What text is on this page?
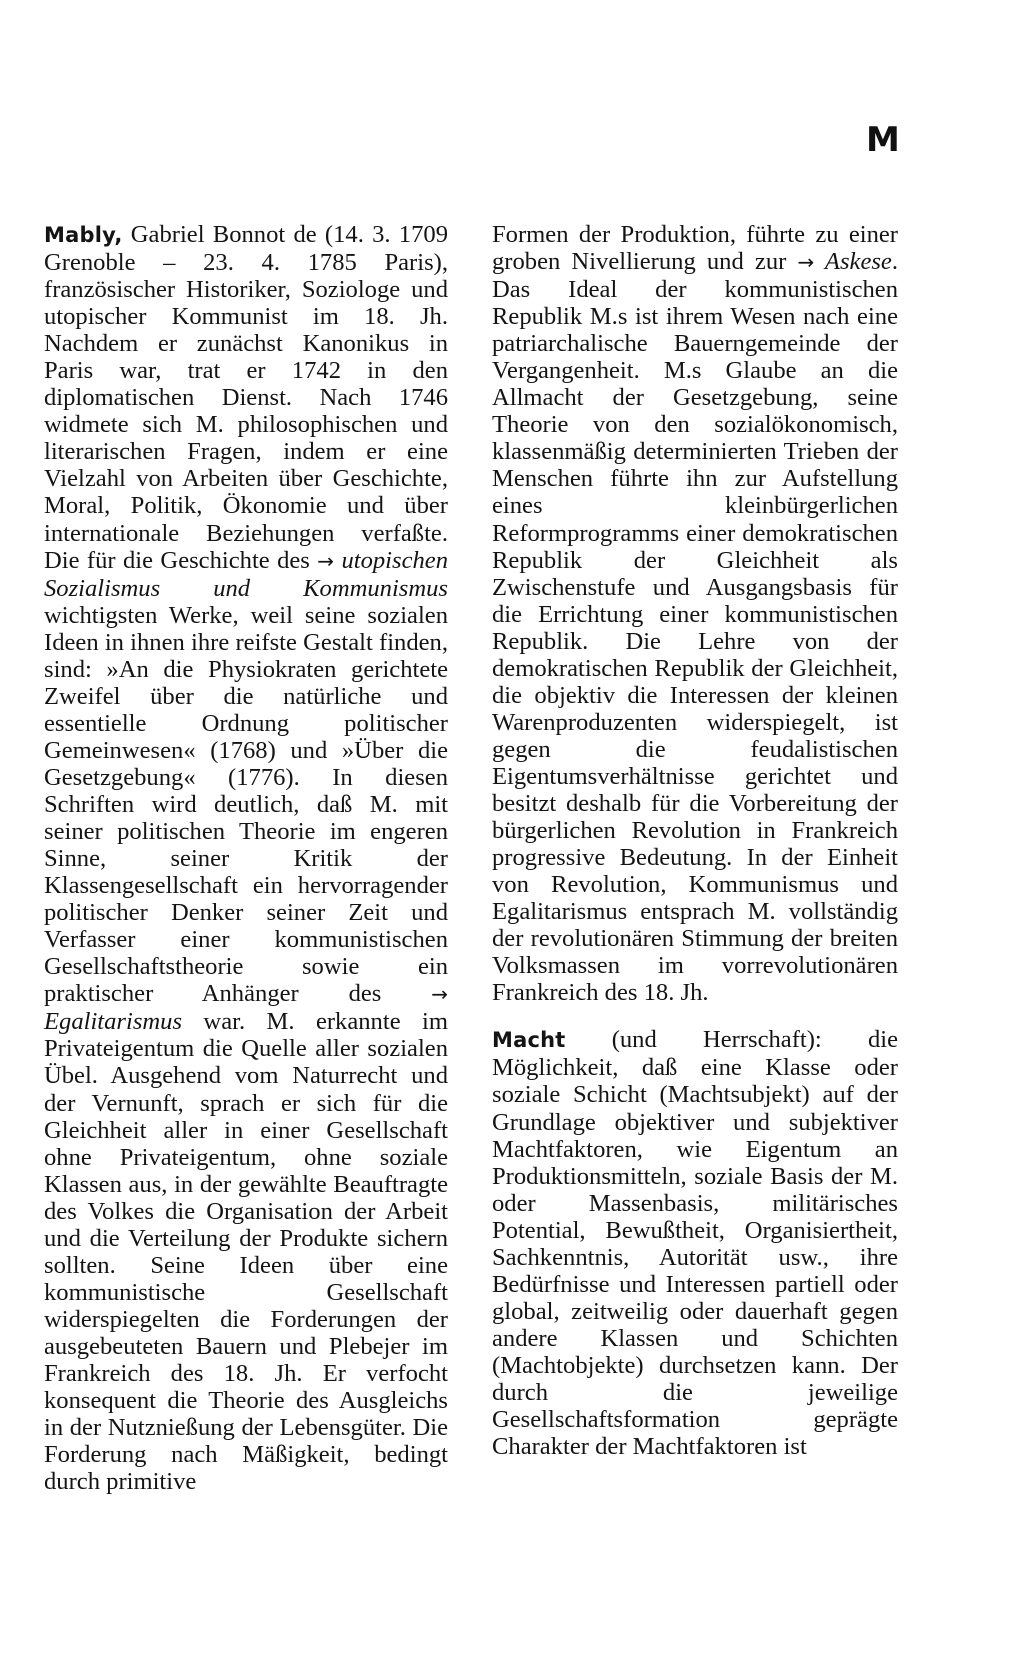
M

Mably, Gabriel Bonnot de (14. 3. 1709 Grenoble – 23. 4. 1785 Paris), französischer Historiker, Soziologe und utopischer Kommunist im 18. Jh. Nachdem er zunächst Kanonikus in Paris war, trat er 1742 in den diplomatischen Dienst. Nach 1746 widmete sich M. philosophischen und literarischen Fragen, indem er eine Vielzahl von Arbeiten über Geschichte, Moral, Politik, Ökonomie und über internationale Beziehungen verfaßte. Die für die Geschichte des → utopischen Sozialismus und Kommunismus wichtigsten Werke, weil seine sozialen Ideen in ihnen ihre reifste Gestalt finden, sind: »An die Physiokraten gerichtete Zweifel über die natürliche und essentielle Ordnung politischer Gemeinwesen« (1768) und »Über die Gesetzgebung« (1776). In diesen Schriften wird deutlich, daß M. mit seiner politischen Theorie im engeren Sinne, seiner Kritik der Klassengesellschaft ein hervorragender politischer Denker seiner Zeit und Verfasser einer kommunistischen Gesellschaftstheorie sowie ein praktischer Anhänger des → Egalitarismus war. M. erkannte im Privateigentum die Quelle aller sozialen Übel. Ausgehend vom Naturrecht und der Vernunft, sprach er sich für die Gleichheit aller in einer Gesellschaft ohne Privateigentum, ohne soziale Klassen aus, in der gewählte Beauftragte des Volkes die Organisation der Arbeit und die Verteilung der Produkte sichern sollten. Seine Ideen über eine kommunistische Gesellschaft widerspiegelten die Forderungen der ausgebeuteten Bauern und Plebejer im Frankreich des 18. Jh. Er verfocht konsequent die Theorie des Ausgleichs in der Nutznießung der Lebensgüter. Die Forderung nach Mäßigkeit, bedingt durch primitive

Formen der Produktion, führte zu einer groben Nivellierung und zur → Askese. Das Ideal der kommunistischen Republik M.s ist ihrem Wesen nach eine patriarchalische Bauerngemeinde der Vergangenheit. M.s Glaube an die Allmacht der Gesetzgebung, seine Theorie von den sozialökonomisch, klassenmäßig determinierten Trieben der Menschen führte ihn zur Aufstellung eines kleinbürgerlichen Reformprogramms einer demokratischen Republik der Gleichheit als Zwischenstufe und Ausgangsbasis für die Errichtung einer kommunistischen Republik. Die Lehre von der demokratischen Republik der Gleichheit, die objektiv die Interessen der kleinen Warenproduzenten widerspiegelt, ist gegen die feudalistischen Eigentumsverhältnisse gerichtet und besitzt deshalb für die Vorbereitung der bürgerlichen Revolution in Frankreich progressive Bedeutung. In der Einheit von Revolution, Kommunismus und Egalitarismus entsprach M. vollständig der revolutionären Stimmung der breiten Volksmassen im vorrevolutionären Frankreich des 18. Jh.

Macht (und Herrschaft): die Möglichkeit, daß eine Klasse oder soziale Schicht (Machtsubjekt) auf der Grundlage objektiver und subjektiver Machtfaktoren, wie Eigentum an Produktionsmitteln, soziale Basis der M. oder Massenbasis, militärisches Potential, Bewußtheit, Organisiertheit, Sachkenntnis, Autorität usw., ihre Bedürfnisse und Interessen partiell oder global, zeitweilig oder dauerhaft gegen andere Klassen und Schichten (Machtobjekte) durchsetzen kann. Der durch die jeweilige Gesellschaftsformation geprägte Charakter der Machtfaktoren ist
